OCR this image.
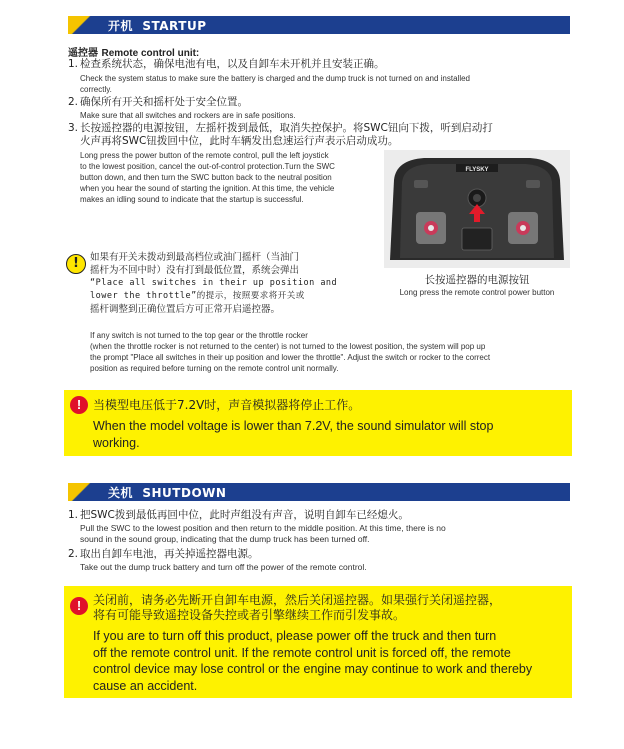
开机 STARTUP
遥控器 Remote control unit:
1. 检查系统状态，确保电池有电，以及自卸车未开机并且安装正确。
Check the system status to make sure the battery is charged and the dump truck is not turned on and installed
correctly.
2. 确保所有开关和摇杆处于安全位置。
Make sure that all switches and rockers are in safe positions.
3. 长按遥控器的电源按钮，左摇杆拨到最低，取消失控保护。将SWC钮向下拨，听到启动打
火声再将SWC钮拨回中位，此时车辆发出怠速运行声表示启动成功。
Long press the power button of the remote control, pull the left joystick
to the lowest position, cancel the out-of-control protection.Turn the SWC
button down, and then turn the SWC button back to the neutral position
when you hear the sound of starting the ignition. At this time, the vehicle
makes an idling sound to indicate that the startup is successful.
!	如果有开关未拨动到最高档位或油门摇杆（当油门
摇杆为不回中时）没有打到最低位置，系统会弹出
“Place all switches in their up position and
lower the throttle”的提示，按照要求将开关或
摇杆调整到正确位置后方可正常开启遥控器。
FLYSKY
长按遥控器的电源按钮
Long press the remote control power button
If any switch is not turned to the top gear or the throttle rocker
(when the throttle rocker is not returned to the center) is not turned to the lowest position, the system will pop up
the prompt "Place all switches in their up position and lower the throttle". Adjust the switch or rocker to the correct
position as required before turning on the remote control unit normally.
! 当模型电压低于7.2V时，声音模拟器将停止工作。
When the model voltage is lower than 7.2V, the sound simulator will stop
working.
关机 SHUTDOWN
1. 把SWC拨到最低再回中位，此时声组没有声音，说明自卸车已经熄火。
Pull the SWC to the lowest position and then return to the middle position. At this time, there is no
sound in the sound group, indicating that the dump truck has been turned off.
2. 取出自卸车电池，再关掉遥控器电源。
Take out the dump truck battery and turn off the power of the remote control.
! 关闭前，请务必先断开自卸车电源，然后关闭遥控器。如果强行关闭遥控器，
将有可能导致遥控设备失控或者引擎继续工作而引发事故。
If you are to turn off this product, please power off the truck and then turn
off the remote control unit. If the remote control unit is forced off, the remote
control device may lose control or the engine may continue to work and thereby
cause an accident.
